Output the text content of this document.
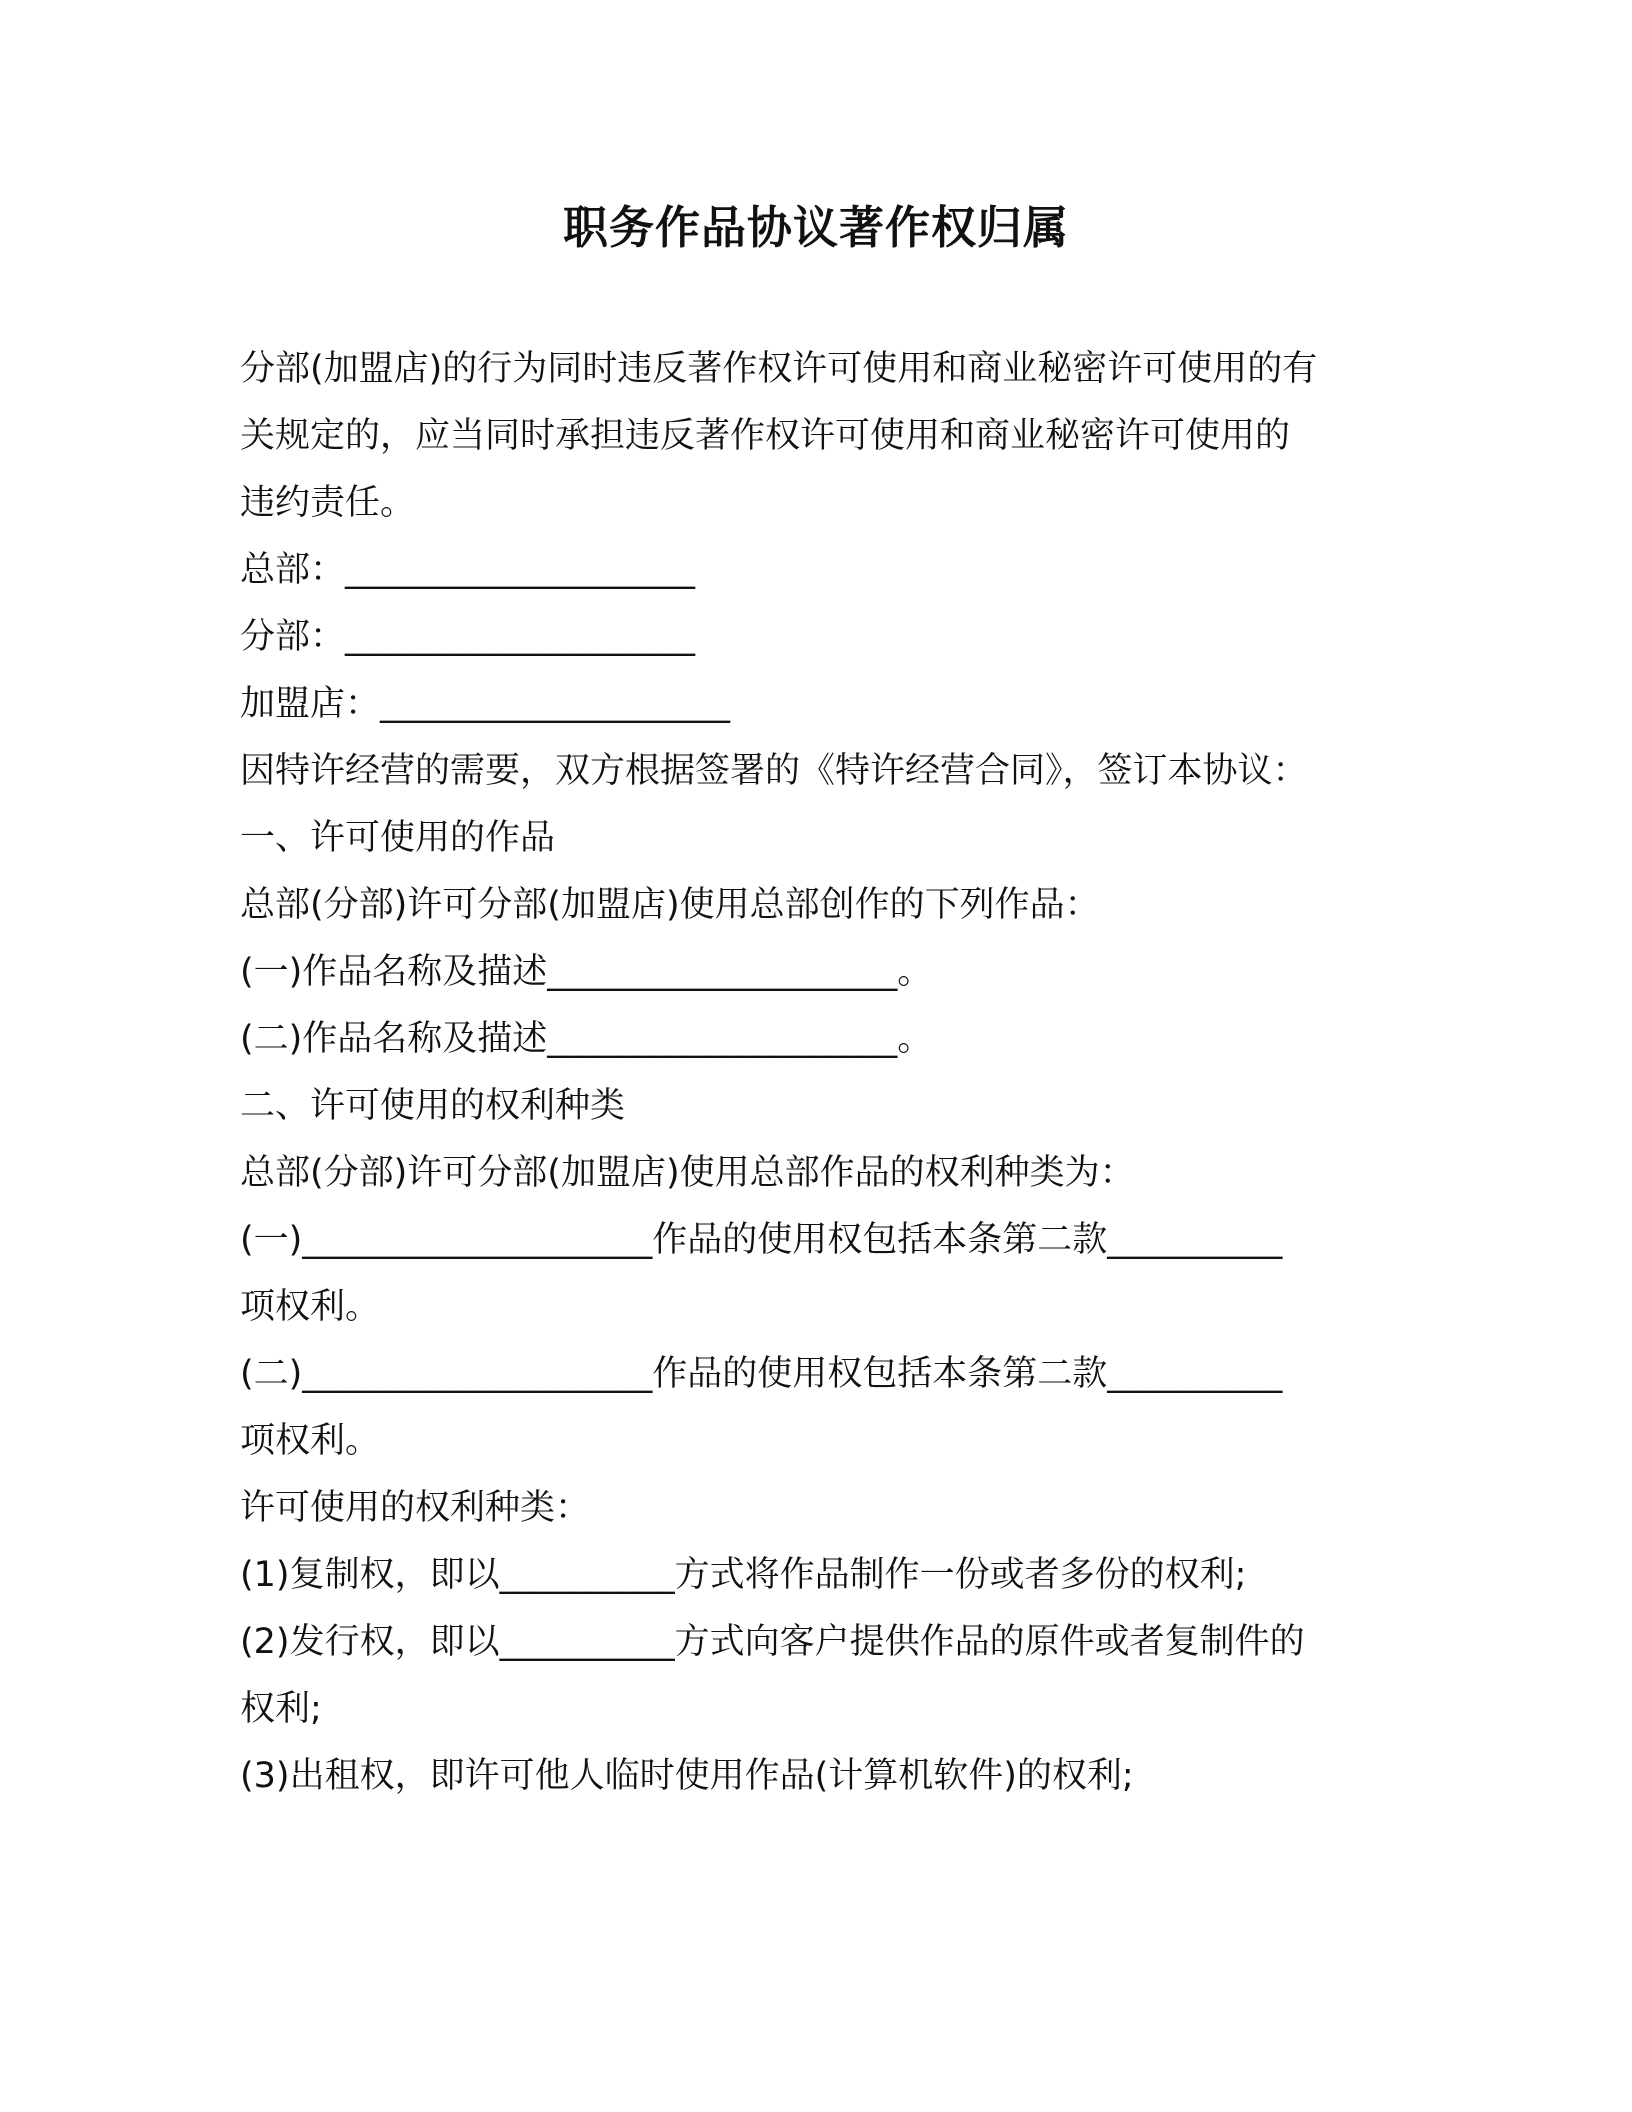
职务作品协议著作权归属
分部(加盟店)的行为同时违反著作权许可使用和商业秘密许可使用的有
关规定的，应当同时承担违反著作权许可使用和商业秘密许可使用的
违约责任。
总部：____________________
分部：____________________
加盟店：____________________
因特许经营的需要，双方根据签署的《特许经营合同》，签订本协议：
一、许可使用的作品
总部(分部)许可分部(加盟店)使用总部创作的下列作品：
(一)作品名称及描述____________________。
(二)作品名称及描述____________________。
二、许可使用的权利种类
总部(分部)许可分部(加盟店)使用总部作品的权利种类为：
(一)____________________作品的使用权包括本条第二款__________
项权利。
(二)____________________作品的使用权包括本条第二款__________
项权利。
许可使用的权利种类：
(1)复制权，即以__________方式将作品制作一份或者多份的权利;
(2)发行权，即以__________方式向客户提供作品的原件或者复制件的
权利;
(3)出租权，即许可他人临时使用作品(计算机软件)的权利;
